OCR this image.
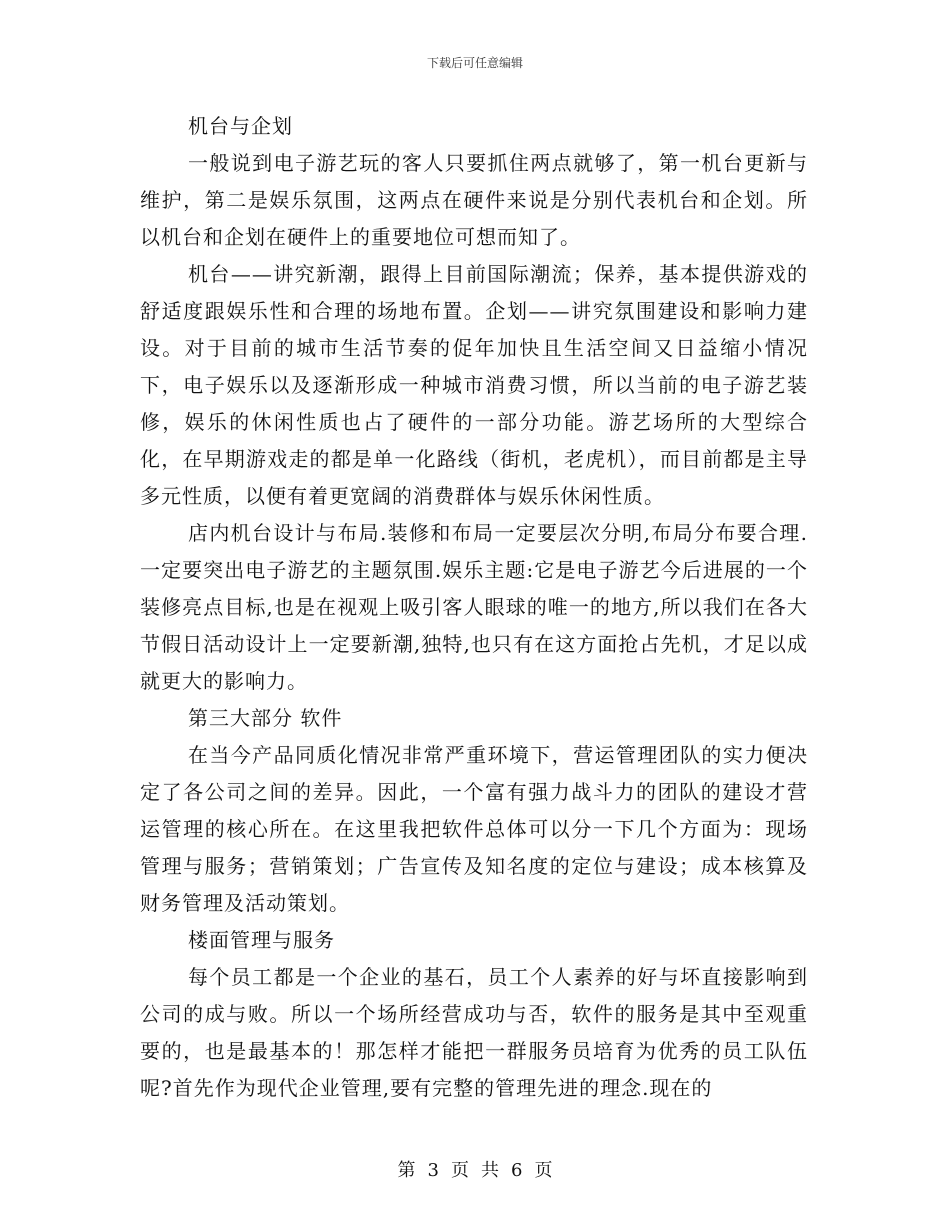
下载后可任意编辑

机台与企划

一般说到电子游艺玩的客人只要抓住两点就够了，第一机台更新与维护，第二是娱乐氛围，这两点在硬件来说是分别代表机台和企划。所以机台和企划在硬件上的重要地位可想而知了。

机台——讲究新潮，跟得上目前国际潮流；保养，基本提供游戏的舒适度跟娱乐性和合理的场地布置。企划——讲究氛围建设和影响力建设。对于目前的城市生活节奏的促年加快且生活空间又日益缩小情况下，电子娱乐以及逐渐形成一种城市消费习惯，所以当前的电子游艺装修，娱乐的休闲性质也占了硬件的一部分功能。游艺场所的大型综合化，在早期游戏走的都是单一化路线（街机，老虎机），而目前都是主导多元性质，以便有着更宽阔的消费群体与娱乐休闲性质。

店内机台设计与布局.装修和布局一定要层次分明,布局分布要合理.一定要突出电子游艺的主题氛围.娱乐主题:它是电子游艺今后进展的一个装修亮点目标,也是在视观上吸引客人眼球的唯一的地方,所以我们在各大节假日活动设计上一定要新潮,独特,也只有在这方面抢占先机，才足以成就更大的影响力。

第三大部分 软件

在当今产品同质化情况非常严重环境下，营运管理团队的实力便决定了各公司之间的差异。因此，一个富有强力战斗力的团队的建设才营运管理的核心所在。在这里我把软件总体可以分一下几个方面为：现场管理与服务；营销策划；广告宣传及知名度的定位与建设；成本核算及财务管理及活动策划。

楼面管理与服务

每个员工都是一个企业的基石，员工个人素养的好与坏直接影响到公司的成与败。所以一个场所经营成功与否，软件的服务是其中至观重要的，也是最基本的！那怎样才能把一群服务员培育为优秀的员工队伍呢?首先作为现代企业管理,要有完整的管理先进的理念.现在的

第 3 页 共 6 页
